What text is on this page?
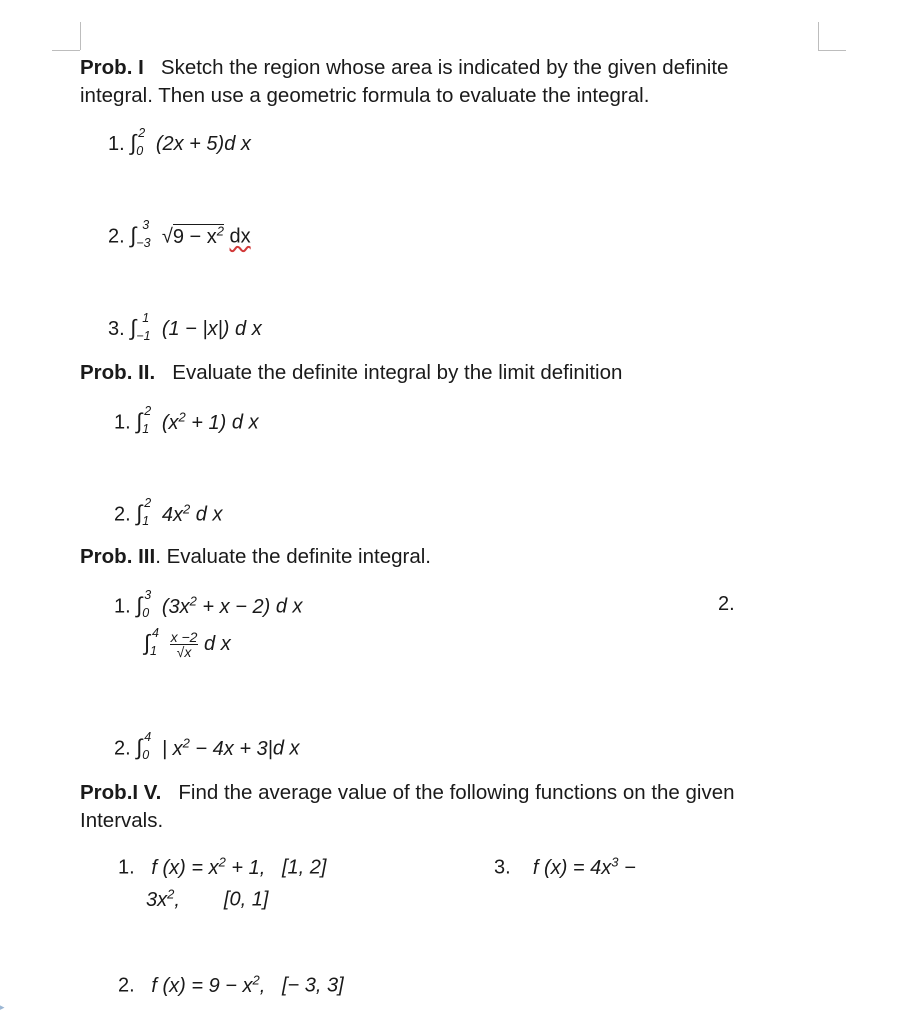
Prob. I Sketch the region whose area is indicated by the given definite
integral. Then use a geometric formula to evaluate the integral.
1. ∫ 2
0 (2x + 5)d x
2. ∫ 3
−3 $√9 - x^2$ dx
3. ∫ 1
−1 (1 − |x|) d x
Prob. II. Evaluate the definite integral by the limit definition
1. ∫ 2
1 $(x^2 + 1)$ d x
2. ∫ 2
1 $4x^2$ d x
Prob. III. Evaluate the definite integral.
1. ∫ 3
0 $(3x^2 + x - 2)$ d x	2.
∫ 4
1
$\frac{x -2}{√x}$ d x
2. ∫ 4
0 | $x^2 - 4x + 3|d$ x
Prob.I V. Find the average value of the following functions on the given
Intervals.
1. f $(x) = x^2 + 1$, [1, 2]	3. f $(x) = 4x^3$ −
$3x^2$, [0, 1]
2. f $(x) = 9 - x^2$, [− 3, 3]
▸
